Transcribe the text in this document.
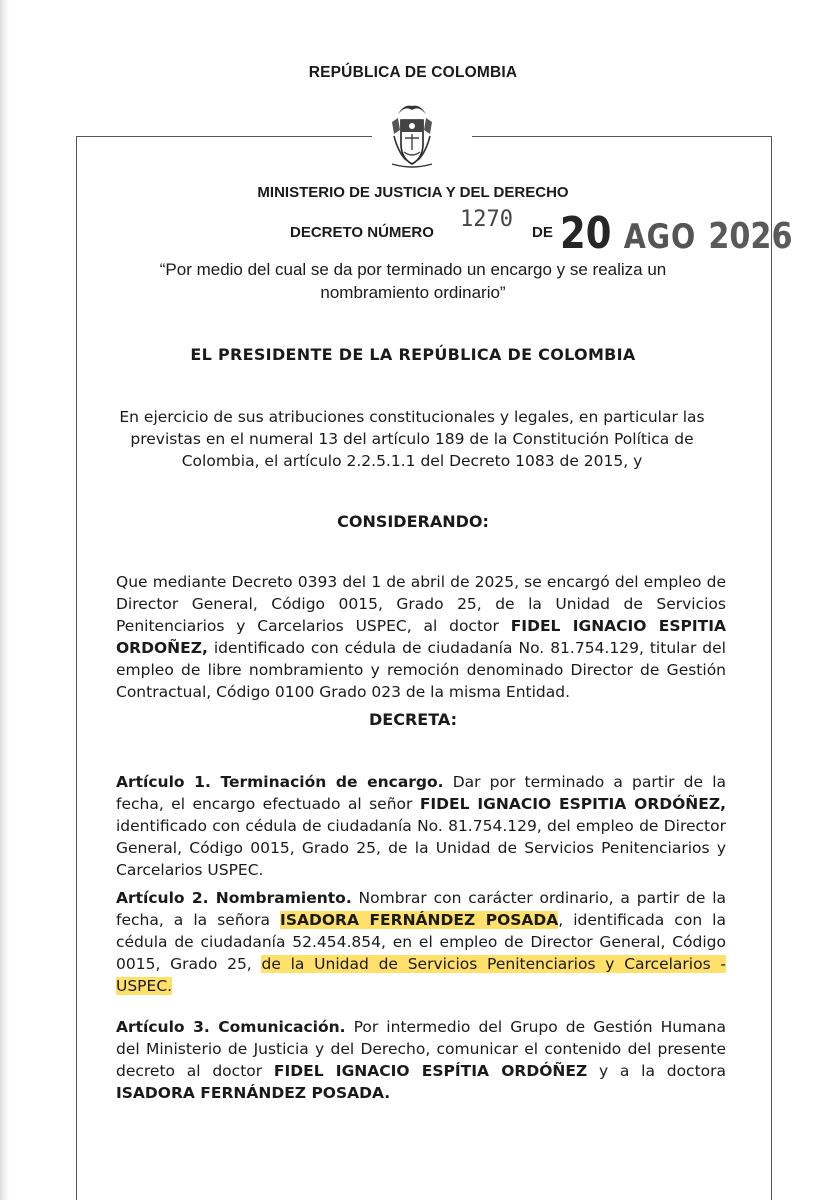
REPÚBLICA DE COLOMBIA
MINISTERIO DE JUSTICIA Y DEL DERECHO
DECRETO NÚMERO
1270
DE 20 AGO 2026
“Por medio del cual se da por terminado un encargo y se realiza un nombramiento ordinario”
EL PRESIDENTE DE LA REPÚBLICA DE COLOMBIA
En ejercicio de sus atribuciones constitucionales y legales, en particular las previstas en el numeral 13 del artículo 189 de la Constitución Política de Colombia, el artículo 2.2.5.1.1 del Decreto 1083 de 2015, y
CONSIDERANDO:
Que mediante Decreto 0393 del 1 de abril de 2025, se encargó del empleo de Director General, Código 0015, Grado 25, de la Unidad de Servicios Penitenciarios y Carcelarios USPEC, al doctor FIDEL IGNACIO ESPITIA ORDOÑEZ, identificado con cédula de ciudadanía No. 81.754.129, titular del empleo de libre nombramiento y remoción denominado Director de Gestión Contractual, Código 0100 Grado 023 de la misma Entidad.
DECRETA:
Artículo 1. Terminación de encargo. Dar por terminado a partir de la fecha, el encargo efectuado al señor FIDEL IGNACIO ESPITIA ORDÓÑEZ, identificado con cédula de ciudadanía No. 81.754.129, del empleo de Director General, Código 0015, Grado 25, de la Unidad de Servicios Penitenciarios y Carcelarios USPEC.
Artículo 2. Nombramiento. Nombrar con carácter ordinario, a partir de la fecha, a la señora ISADORA FERNÁNDEZ POSADA, identificada con la cédula de ciudadanía 52.454.854, en el empleo de Director General, Código 0015, Grado 25, de la Unidad de Servicios Penitenciarios y Carcelarios - USPEC.
Artículo 3. Comunicación. Por intermedio del Grupo de Gestión Humana del Ministerio de Justicia y del Derecho, comunicar el contenido del presente decreto al doctor FIDEL IGNACIO ESPÍTIA ORDÓÑEZ y a la doctora ISADORA FERNÁNDEZ POSADA.
